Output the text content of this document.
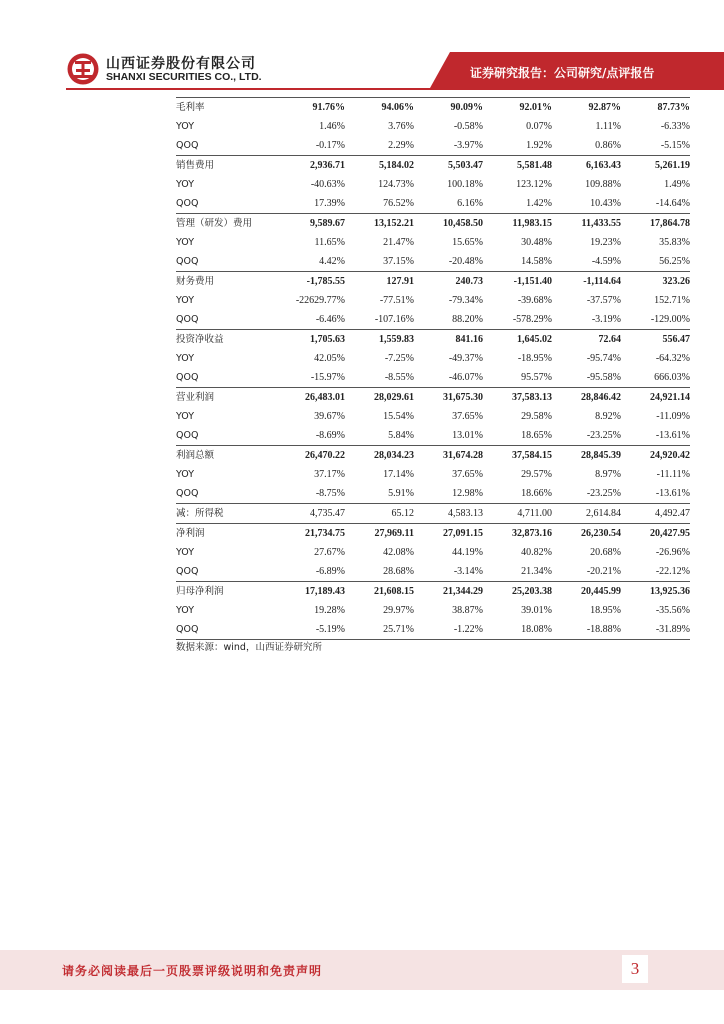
山西证券股份有限公司
SHANXI SECURITIES CO., LTD.	证券研究报告：公司研究/点评报告
毛利率	91.76%	94.06%	90.09%	92.01%	92.87%	87.73%
YOY	1.46%	3.76%	-0.58%	0.07%	1.11%	-6.33%
QOQ	-0.17%	2.29%	-3.97%	1.92%	0.86%	-5.15%
销售费用	2,936.71	5,184.02	5,503.47	5,581.48	6,163.43	5,261.19
YOY	-40.63%	124.73%	100.18%	123.12%	109.88%	1.49%
QOQ	17.39%	76.52%	6.16%	1.42%	10.43%	-14.64%
管理（研发）费用	9,589.67	13,152.21	10,458.50	11,983.15	11,433.55	17,864.78
YOY	11.65%	21.47%	15.65%	30.48%	19.23%	35.83%
QOQ	4.42%	37.15%	-20.48%	14.58%	-4.59%	56.25%
财务费用	-1,785.55	127.91	240.73	-1,151.40	-1,114.64	323.26
YOY	-22629.77%	-77.51%	-79.34%	-39.68%	-37.57%	152.71%
QOQ	-6.46%	-107.16%	88.20%	-578.29%	-3.19%	-129.00%
投资净收益	1,705.63	1,559.83	841.16	1,645.02	72.64	556.47
YOY	42.05%	-7.25%	-49.37%	-18.95%	-95.74%	-64.32%
QOQ	-15.97%	-8.55%	-46.07%	95.57%	-95.58%	666.03%
营业利润	26,483.01	28,029.61	31,675.30	37,583.13	28,846.42	24,921.14
YOY	39.67%	15.54%	37.65%	29.58%	8.92%	-11.09%
QOQ	-8.69%	5.84%	13.01%	18.65%	-23.25%	-13.61%
利润总额	26,470.22	28,034.23	31,674.28	37,584.15	28,845.39	24,920.42
YOY	37.17%	17.14%	37.65%	29.57%	8.97%	-11.11%
QOQ	-8.75%	5.91%	12.98%	18.66%	-23.25%	-13.61%
减：所得税	4,735.47	65.12	4,583.13	4,711.00	2,614.84	4,492.47
净利润	21,734.75	27,969.11	27,091.15	32,873.16	26,230.54	20,427.95
YOY	27.67%	42.08%	44.19%	40.82%	20.68%	-26.96%
QOQ	-6.89%	28.68%	-3.14%	21.34%	-20.21%	-22.12%
归母净利润	17,189.43	21,608.15	21,344.29	25,203.38	20,445.99	13,925.36
YOY	19.28%	29.97%	38.87%	39.01%	18.95%	-35.56%
QOQ	-5.19%	25.71%	-1.22%	18.08%	-18.88%	-31.89%
数据来源：wind，山西证券研究所
请务必阅读最后一页股票评级说明和免责声明	3
